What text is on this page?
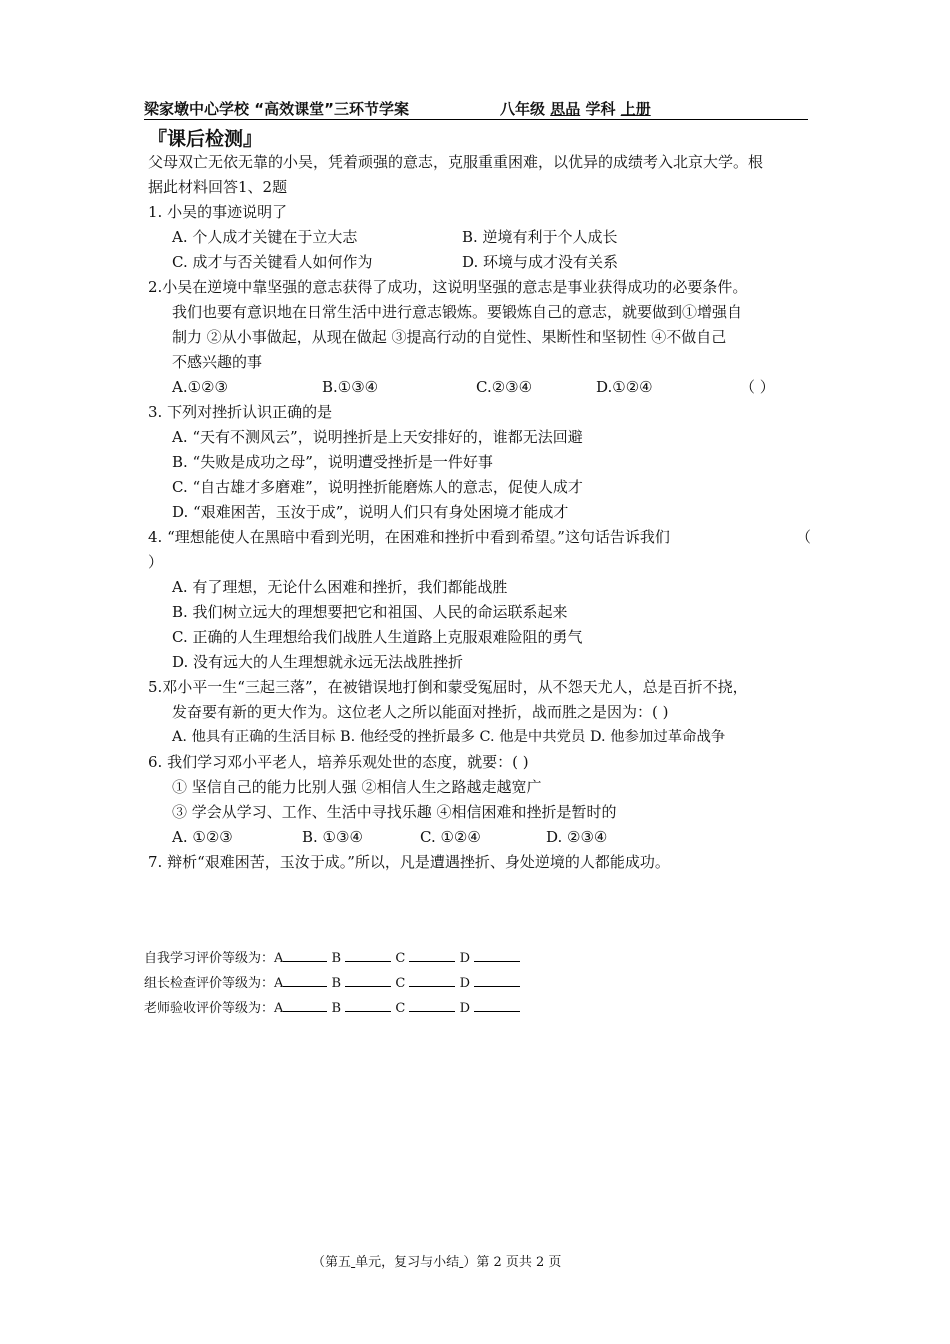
梁家墩中心学校 “高效课堂”三环节学案	八年级 思品 学科 上册
『课后检测』
父母双亡无依无靠的小吴，凭着顽强的意志，克服重重困难，以优异的成绩考入北京大学。根
据此材料回答1、2题
1. 小吴的事迹说明了
A. 个人成才关键在于立大志	B. 逆境有利于个人成长
C. 成才与否关键看人如何作为	D. 环境与成才没有关系
2.小吴在逆境中靠坚强的意志获得了成功，这说明坚强的意志是事业获得成功的必要条件。
我们也要有意识地在日常生活中进行意志锻炼。要锻炼自己的意志，就要做到①增强自
制力 ②从小事做起，从现在做起 ③提高行动的自觉性、果断性和坚韧性 ④不做自己
不感兴趣的事
A.①②③	B.①③④	C.②③④	D.①②④	（ ）
3. 下列对挫折认识正确的是
A. “天有不测风云”，说明挫折是上天安排好的，谁都无法回避
B. “失败是成功之母”，说明遭受挫折是一件好事
C. “自古雄才多磨难”，说明挫折能磨炼人的意志，促使人成才
D. “艰难困苦，玉汝于成”，说明人们只有身处困境才能成才
4. “理想能使人在黑暗中看到光明，在困难和挫折中看到希望。”这句话告诉我们	（
）
A. 有了理想，无论什么困难和挫折，我们都能战胜
B. 我们树立远大的理想要把它和祖国、人民的命运联系起来
C. 正确的人生理想给我们战胜人生道路上克服艰难险阻的勇气
D. 没有远大的人生理想就永远无法战胜挫折
5.邓小平一生“三起三落”，在被错误地打倒和蒙受冤屈时，从不怨天尤人，总是百折不挠，
发奋要有新的更大作为。这位老人之所以能面对挫折，战而胜之是因为：( )
A. 他具有正确的生活目标 B. 他经受的挫折最多 C. 他是中共党员 D. 他参加过革命战争
6. 我们学习邓小平老人，培养乐观处世的态度，就要：( )
① 坚信自己的能力比别人强 ②相信人生之路越走越宽广
③ 学会从学习、工作、生活中寻找乐趣 ④相信困难和挫折是暂时的
A. ①②③	B. ①③④	C. ①②④	D. ②③④
7. 辩析“艰难困苦，玉汝于成。”所以，凡是遭遇挫折、身处逆境的人都能成功。
自我学习评价等级为：A	B	C	D
组长检查评价等级为：A	B	C	D
老师验收评价等级为：A	B	C	D
（第五 单元，复习与小结 ）第 2 页共 2 页
